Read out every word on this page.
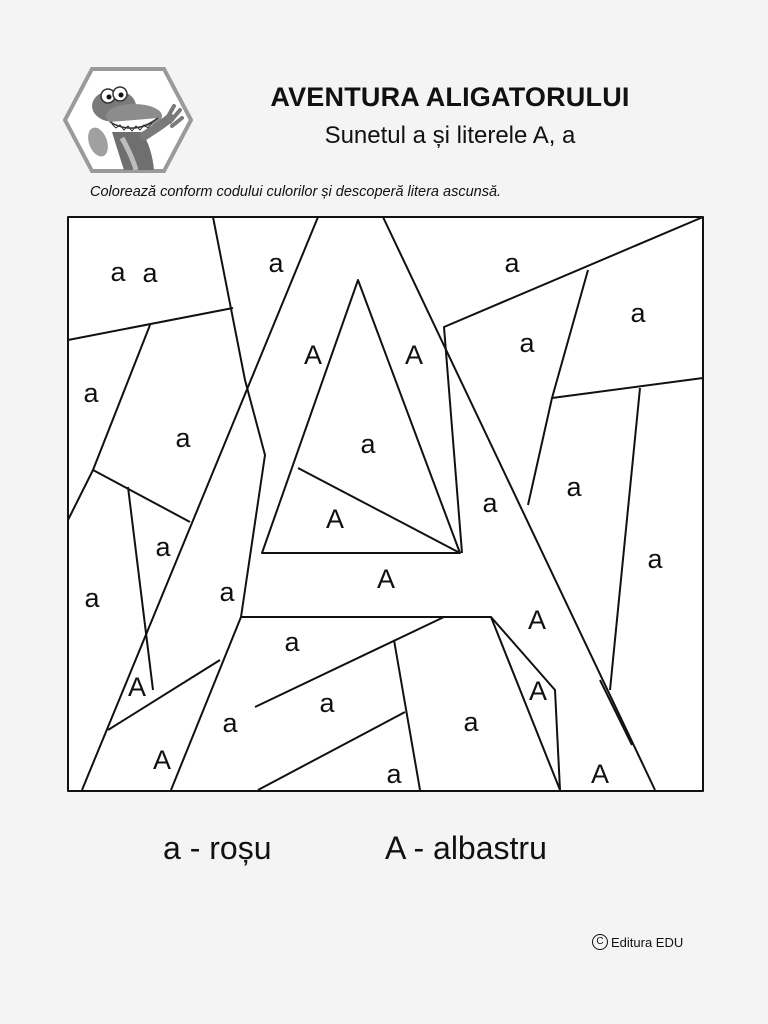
AVENTURA ALIGATORULUI
Sunetul a și literele A, a
Colorează conform codului culorilor și descoperă litera ascunsă.
a	a	a
a
a
A	A
a
a	a
a
a
A
a
a	a	A
A
a
a
A	A
a
a	a
a
A
a
A
a - roșu	A - albastru
C Editura EDU
